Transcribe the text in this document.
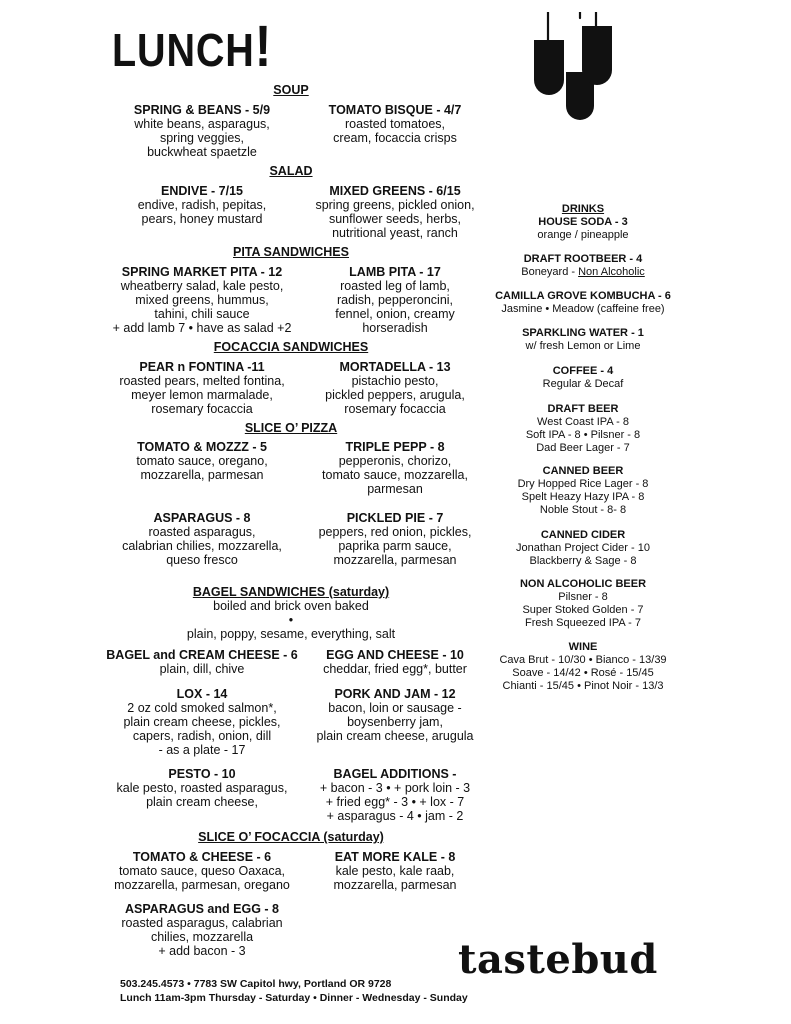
LUNCH!
SOUP
SPRING & BEANS - 5/9
white beans, asparagus,
spring veggies,
buckwheat spaetzle
TOMATO BISQUE - 4/7
roasted tomatoes,
cream, focaccia crisps
SALAD
ENDIVE - 7/15
endive, radish, pepitas,
pears, honey mustard
MIXED GREENS - 6/15
spring greens, pickled onion,
sunflower seeds, herbs,
nutritional yeast, ranch
PITA SANDWICHES
SPRING MARKET PITA - 12
wheatberry salad, kale pesto,
mixed greens, hummus,
tahini, chili sauce
+ add lamb 7 • have as salad +2
LAMB PITA - 17
roasted leg of lamb,
radish, pepperoncini,
fennel, onion, creamy
horseradish
FOCACCIA SANDWICHES
PEAR n FONTINA -11
roasted pears, melted fontina,
meyer lemon marmalade,
rosemary focaccia
MORTADELLA - 13
pistachio pesto,
pickled peppers, arugula,
rosemary focaccia
SLICE O’ PIZZA
TOMATO & MOZZZ - 5
tomato sauce, oregano,
mozzarella, parmesan
TRIPLE PEPP - 8
pepperonis, chorizo,
tomato sauce, mozzarella,
parmesan
ASPARAGUS - 8
roasted asparagus,
calabrian chilies, mozzarella,
queso fresco
PICKLED PIE - 7
peppers, red onion, pickles,
paprika parm sauce,
mozzarella, parmesan
BAGEL SANDWICHES (saturday)
boiled and brick oven baked
•
plain, poppy, sesame, everything, salt
BAGEL and CREAM CHEESE - 6
plain, dill, chive
EGG AND CHEESE - 10
cheddar, fried egg*, butter
LOX - 14
2 oz cold smoked salmon*,
plain cream cheese, pickles,
capers, radish, onion, dill
- as a plate - 17
PORK AND JAM - 12
bacon, loin or sausage -
boysenberry jam,
plain cream cheese, arugula
PESTO - 10
kale pesto, roasted asparagus,
plain cream cheese,
BAGEL ADDITIONS -
+ bacon - 3 • + pork loin - 3
+ fried egg* - 3 • + lox - 7
+ asparagus - 4 • jam - 2
SLICE O’ FOCACCIA (saturday)
TOMATO & CHEESE - 6
tomato sauce, queso Oaxaca,
mozzarella, parmesan, oregano
EAT MORE KALE - 8
kale pesto, kale raab,
mozzarella, parmesan
ASPARAGUS and EGG - 8
roasted asparagus, calabrian
chilies, mozzarella
+ add bacon - 3
DRINKS
HOUSE SODA - 3
orange / pineapple
DRAFT ROOTBEER - 4
Boneyard - Non Alcoholic
CAMILLA GROVE KOMBUCHA - 6
Jasmine • Meadow (caffeine free)
SPARKLING WATER - 1
w/ fresh Lemon or Lime
COFFEE - 4
Regular & Decaf
DRAFT BEER
West Coast IPA - 8
Soft IPA - 8 • Pilsner - 8
Dad Beer Lager - 7
CANNED BEER
Dry Hopped Rice Lager - 8
Spelt Heazy Hazy IPA - 8
Noble Stout - 8- 8
CANNED CIDER
Jonathan Project Cider - 10
Blackberry & Sage - 8
NON ALCOHOLIC BEER
Pilsner - 8
Super Stoked Golden - 7
Fresh Squeezed IPA - 7
WINE
Cava Brut - 10/30 • Bianco - 13/39
Soave - 14/42 • Rosé - 15/45
Chianti - 15/45 • Pinot Noir - 13/3
tastebud
503.245.4573 • 7783 SW Capitol hwy, Portland OR 9728
Lunch 11am-3pm Thursday - Saturday • Dinner - Wednesday - Sunday
